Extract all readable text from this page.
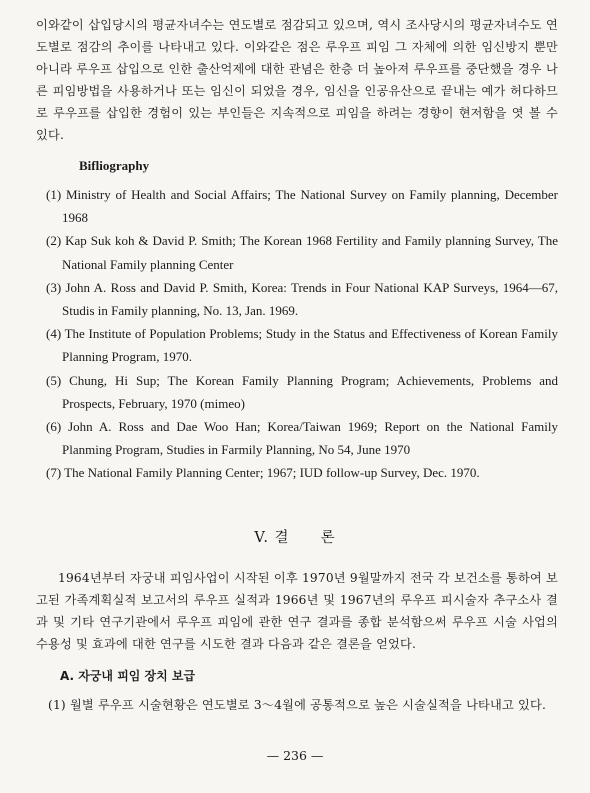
이와같이 삽입당시의 평균자녀수는 연도별로 점감되고 있으며, 역시 조사당시의 평균자녀수도 연도별로 점감의 추이를 나타내고 있다. 이와같은 점은 루우프 피임 그 자체에 의한 임신방지 뿐만 아니라 루우프 삽입으로 인한 출산억제에 대한 관념은 한층 더 높아져 루우프를 중단했을 경우 나른 피임방법을 사용하거나 또는 임신이 되었을 경우, 임신을 인공유산으로 끝내는 예가 허다하므로 루우프를 삽입한 경험이 있는 부인들은 지속적으로 피임을 하려는 경향이 현저함을 엿 볼 수 있다.

Bifliography
(1) Ministry of Health and Social Affairs; The National Survey on Family planning, December 1968
(2) Kap Suk koh & David P. Smith; The Korean 1968 Fertility and Family planning Survey, The National Family planning Center
(3) John A. Ross and David P. Smith, Korea: Trends in Four National KAP Surveys, 1964—67, Studis in Family planning, No. 13, Jan. 1969.
(4) The Institute of Population Problems; Study in the Status and Effectiveness of Korean Family Planning Program, 1970.
(5) Chung, Hi Sup; The Korean Family Planning Program; Achievements, Problems and Prospects, February, 1970 (mimeo)
(6) John A. Ross and Dae Woo Han; Korea/Taiwan 1969; Report on the National Family Planming Program, Studies in Farmily Planning, No 54, June 1970
(7) The National Family Planning Center; 1967; IUD follow-up Survey, Dec. 1970.
V. 결　　론

1964년부터 자궁내 피임사업이 시작된 이후 1970년 9월말까지 전국 각 보건소를 통하여 보고된 가족계획실적 보고서의 루우프 실적과 1966년 및 1967년의 루우프 피시술자 추구소사 결과 및 기타 연구기관에서 루우프 피임에 관한 연구 결과를 종합 분석함으써 루우프 시술 사업의 수용성 및 효과에 대한 연구를 시도한 결과 다음과 같은 결론을 얻었다.

A. 자궁내 피임 장치 보급

(1) 월별 루우프 시술현황은 연도별로 3～4월에 공통적으로 높은 시술실적을 나타내고 있다.

— 236 —
